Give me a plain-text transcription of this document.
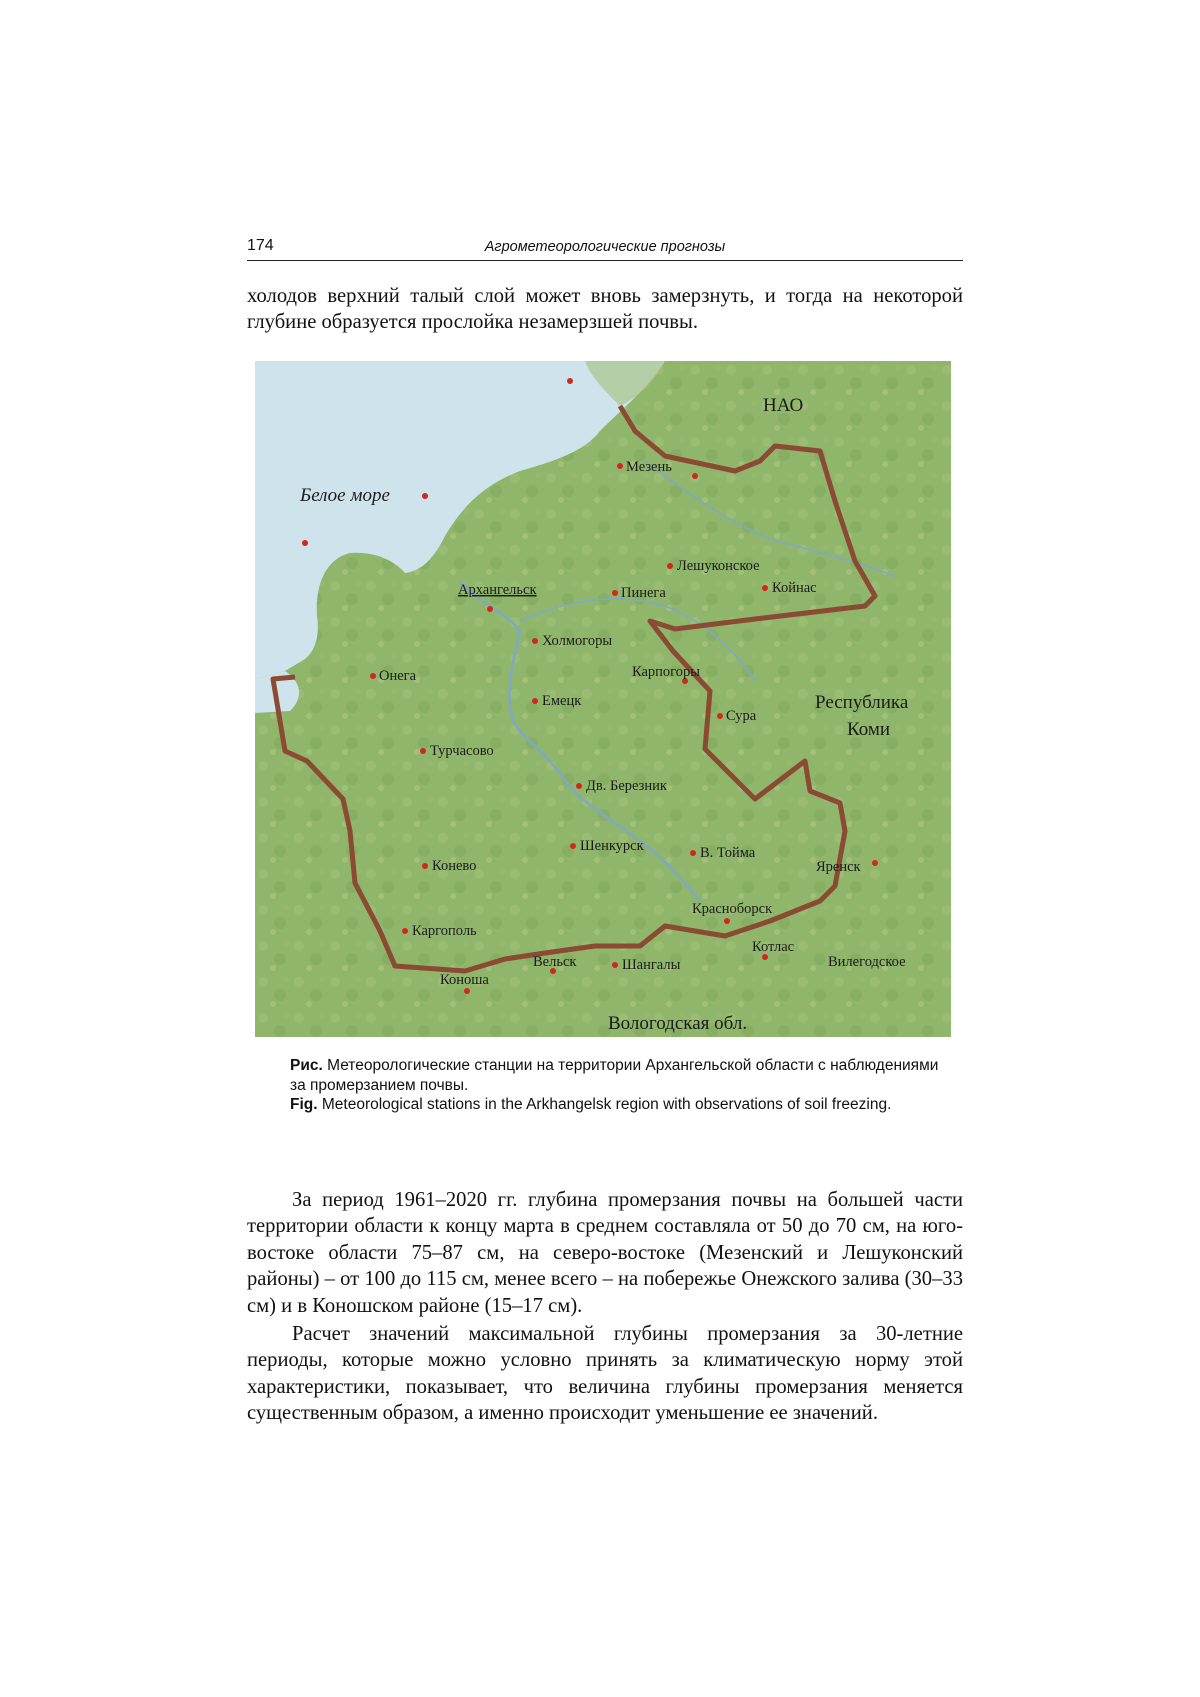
174	Агрометеорологические прогнозы

холодов верхний талый слой может вновь замерзнуть, и тогда на некоторой глубине образуется прослойка незамерзшей почвы.

Мезень
Лешуконское
Койнас
Архангельск	Пинега
Холмогоры
Онега	Карпогоры
Емецк
Сура
Турчасово
Дв. Березник
Шенкурск	В. Тойма
Яренск
Конево
Красноборск
Каргополь
Котлас
Вельск	Шангалы	Вилегодское
Коноша
НАО
Белое море
Республика
Коми
Вологодская обл.

Рис. Метеорологические станции на территории Архангельской области с наблюдениями за промерзанием почвы.

Fig. Meteorological stations in the Arkhangelsk region with observations of soil freezing.

За период 1961–2020 гг. глубина промерзания почвы на большей части территории области к концу марта в среднем составляла от 50 до 70 см, на юго-востоке области 75–87 см, на северо-востоке (Мезенский и Лешуконский районы) – от 100 до 115 см, менее всего – на побережье Онежского залива (30–33 см) и в Коношском районе (15–17 см).

Расчет значений максимальной глубины промерзания за 30-летние периоды, которые можно условно принять за климатическую норму этой характеристики, показывает, что величина глубины промерзания меняется существенным образом, а именно происходит уменьшение ее значений.
